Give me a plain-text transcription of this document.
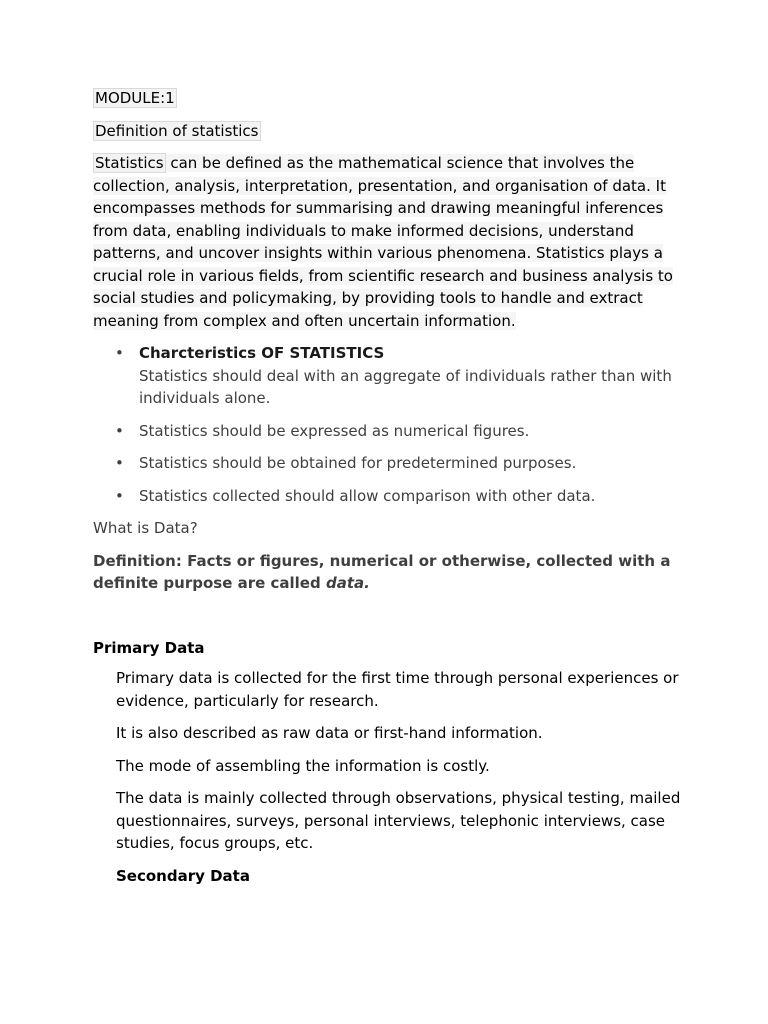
MODULE:1

Definition of statistics

Statistics can be defined as the mathematical science that involves the collection, analysis, interpretation, presentation, and organisation of data. It encompasses methods for summarising and drawing meaningful inferences from data, enabling individuals to make informed decisions, understand patterns, and uncover insights within various phenomena. Statistics plays a crucial role in various fields, from scientific research and business analysis to social studies and policymaking, by providing tools to handle and extract meaning from complex and often uncertain information.

• Charcteristics OF STATISTICS
Statistics should deal with an aggregate of individuals rather than with individuals alone.
• Statistics should be expressed as numerical figures.
• Statistics should be obtained for predetermined purposes.
• Statistics collected should allow comparison with other data.

What is Data?

Definition: Facts or figures, numerical or otherwise, collected with a definite purpose are called data.

Primary Data

Primary data is collected for the first time through personal experiences or evidence, particularly for research.

It is also described as raw data or first-hand information.

The mode of assembling the information is costly.

The data is mainly collected through observations, physical testing, mailed questionnaires, surveys, personal interviews, telephonic interviews, case studies, focus groups, etc.

Secondary Data
